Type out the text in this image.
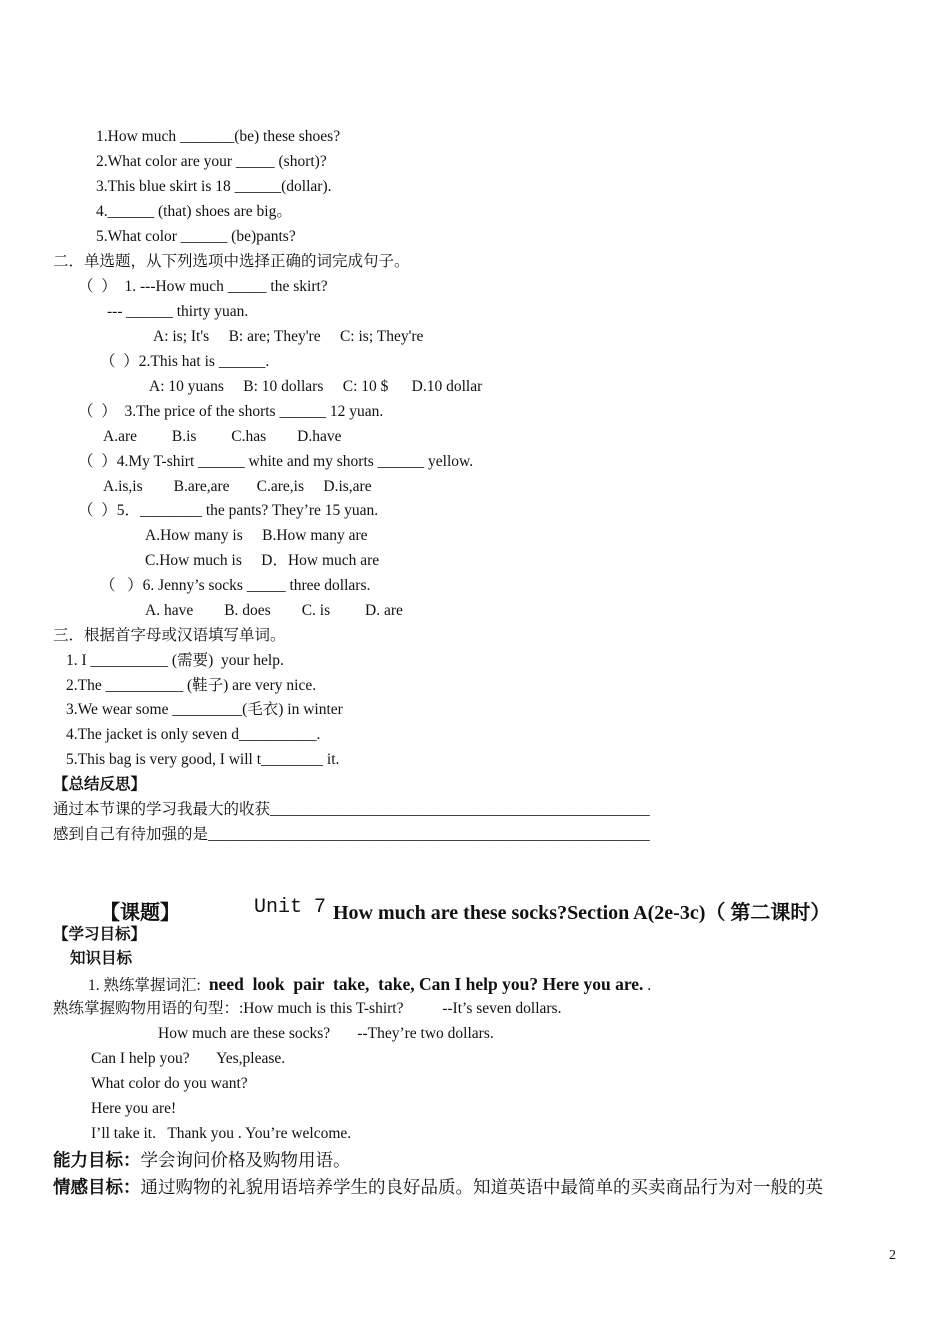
1.How much _______(be) these shoes?
2.What color are your _____ (short)?
3.This blue skirt is 18 ______(dollar).
4.______ (that) shoes are big。
5.What color ______ (be)pants?
二．单选题，从下列选项中选择正确的词完成句子。
（  ）  1. ---How much _____ the skirt?
--- ______ thirty yuan.
A: is; It's     B: are; They're     C: is; They're
（  ）2.This hat is ______.
A: 10 yuans     B: 10 dollars     C: 10 $      D.10 dollar
（  ）  3.The price of the shorts ______ 12 yuan.
A.are         B.is         C.has        D.have
（  ）4.My T-shirt ______ white and my shorts ______ yellow.
A.is,is        B.are,are       C.are,is     D.is,are
（  ）5．________ the pants? They’re 15 yuan.
A.How many is     B.How many are
C.How much is     D．How much are
（   ）6. Jenny’s socks _____ three dollars.
A. have        B. does        C. is         D. are
三．根据首字母或汉语填写单词。
1. I __________ (需要)  your help.
2.The __________ (鞋子) are very nice.
3.We wear some _________(毛衣) in winter
4.The jacket is only seven d__________.
5.This bag is very good, I will t________ it.
【总结反思】
通过本节课的学习我最大的收获_________________________________________________
感到自己有待加强的是_________________________________________________________
【课题】	Unit 7 How much are these socks?Section A(2e-3c)（ 第二课时）
【学习目标】
知识目标
1. 熟练掌握词汇: need  look  pair  take,  take, Can I help you? Here you are. .
熟练掌握购物用语的句型：:How much is this T-shirt?          --It’s seven dollars.
How much are these socks?       --They’re two dollars.
Can I help you?       Yes,please.
What color do you want?
Here you are!
I’ll take it.   Thank you . You’re welcome.
能力目标：学会询问价格及购物用语。
情感目标：通过购物的礼貌用语培养学生的良好品质。知道英语中最简单的买卖商品行为对一般的英
2
